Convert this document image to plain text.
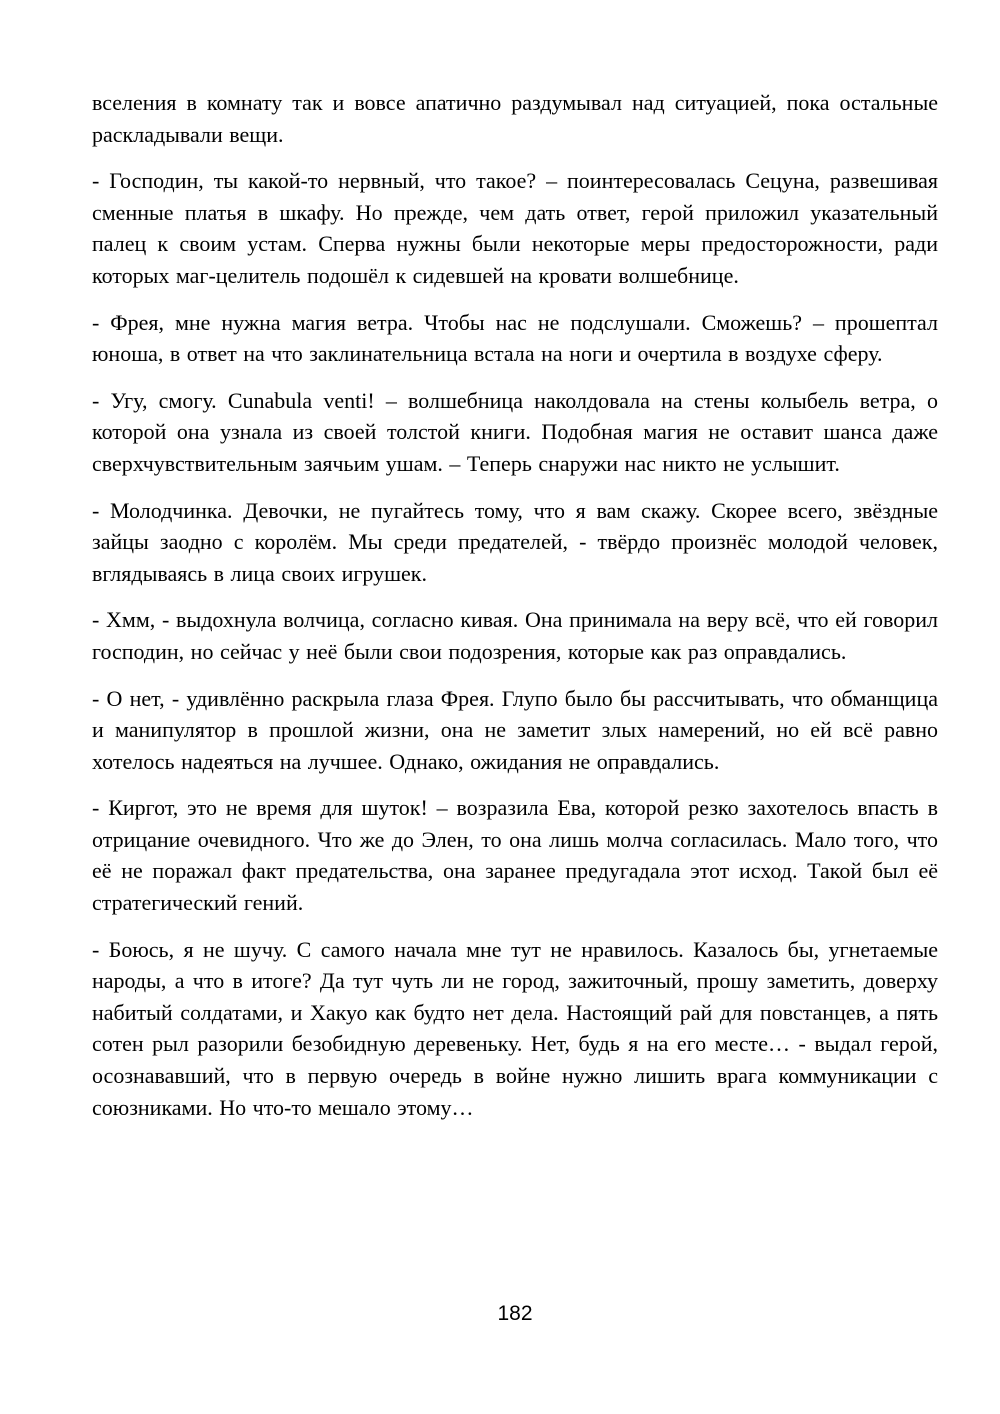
вселения в комнату так и вовсе апатично раздумывал над ситуацией, пока остальные раскладывали вещи.

- Господин, ты какой-то нервный, что такое? – поинтересовалась Сецуна, развешивая сменные платья в шкафу. Но прежде, чем дать ответ, герой приложил указательный палец к своим устам. Сперва нужны были некоторые меры предосторожности, ради которых маг-целитель подошёл к сидевшей на кровати волшебнице.

- Фрея, мне нужна магия ветра. Чтобы нас не подслушали. Сможешь? – прошептал юноша, в ответ на что заклинательница встала на ноги и очертила в воздухе сферу.

- Угу, смогу. Cunabula venti! – волшебница наколдовала на стены колыбель ветра, о которой она узнала из своей толстой книги. Подобная магия не оставит шанса даже сверхчувствительным заячьим ушам. – Теперь снаружи нас никто не услышит.

- Молодчинка. Девочки, не пугайтесь тому, что я вам скажу. Скорее всего, звёздные зайцы заодно с королём. Мы среди предателей, - твёрдо произнёс молодой человек, вглядываясь в лица своих игрушек.

- Хмм, - выдохнула волчица, согласно кивая. Она принимала на веру всё, что ей говорил господин, но сейчас у неё были свои подозрения, которые как раз оправдались.

- О нет, - удивлённо раскрыла глаза Фрея. Глупо было бы рассчитывать, что обманщица и манипулятор в прошлой жизни, она не заметит злых намерений, но ей всё равно хотелось надеяться на лучшее. Однако, ожидания не оправдались.

- Киргот, это не время для шуток! – возразила Ева, которой резко захотелось впасть в отрицание очевидного. Что же до Элен, то она лишь молча согласилась. Мало того, что её не поражал факт предательства, она заранее предугадала этот исход. Такой был её стратегический гений.

- Боюсь, я не шучу. С самого начала мне тут не нравилось. Казалось бы, угнетаемые народы, а что в итоге? Да тут чуть ли не город, зажиточный, прошу заметить, доверху набитый солдатами, и Хакуо как будто нет дела. Настоящий рай для повстанцев, а пять сотен рыл разорили безобидную деревеньку. Нет, будь я на его месте… - выдал герой, осознававший, что в первую очередь в войне нужно лишить врага коммуникации с союзниками. Но что-то мешало этому…

182
